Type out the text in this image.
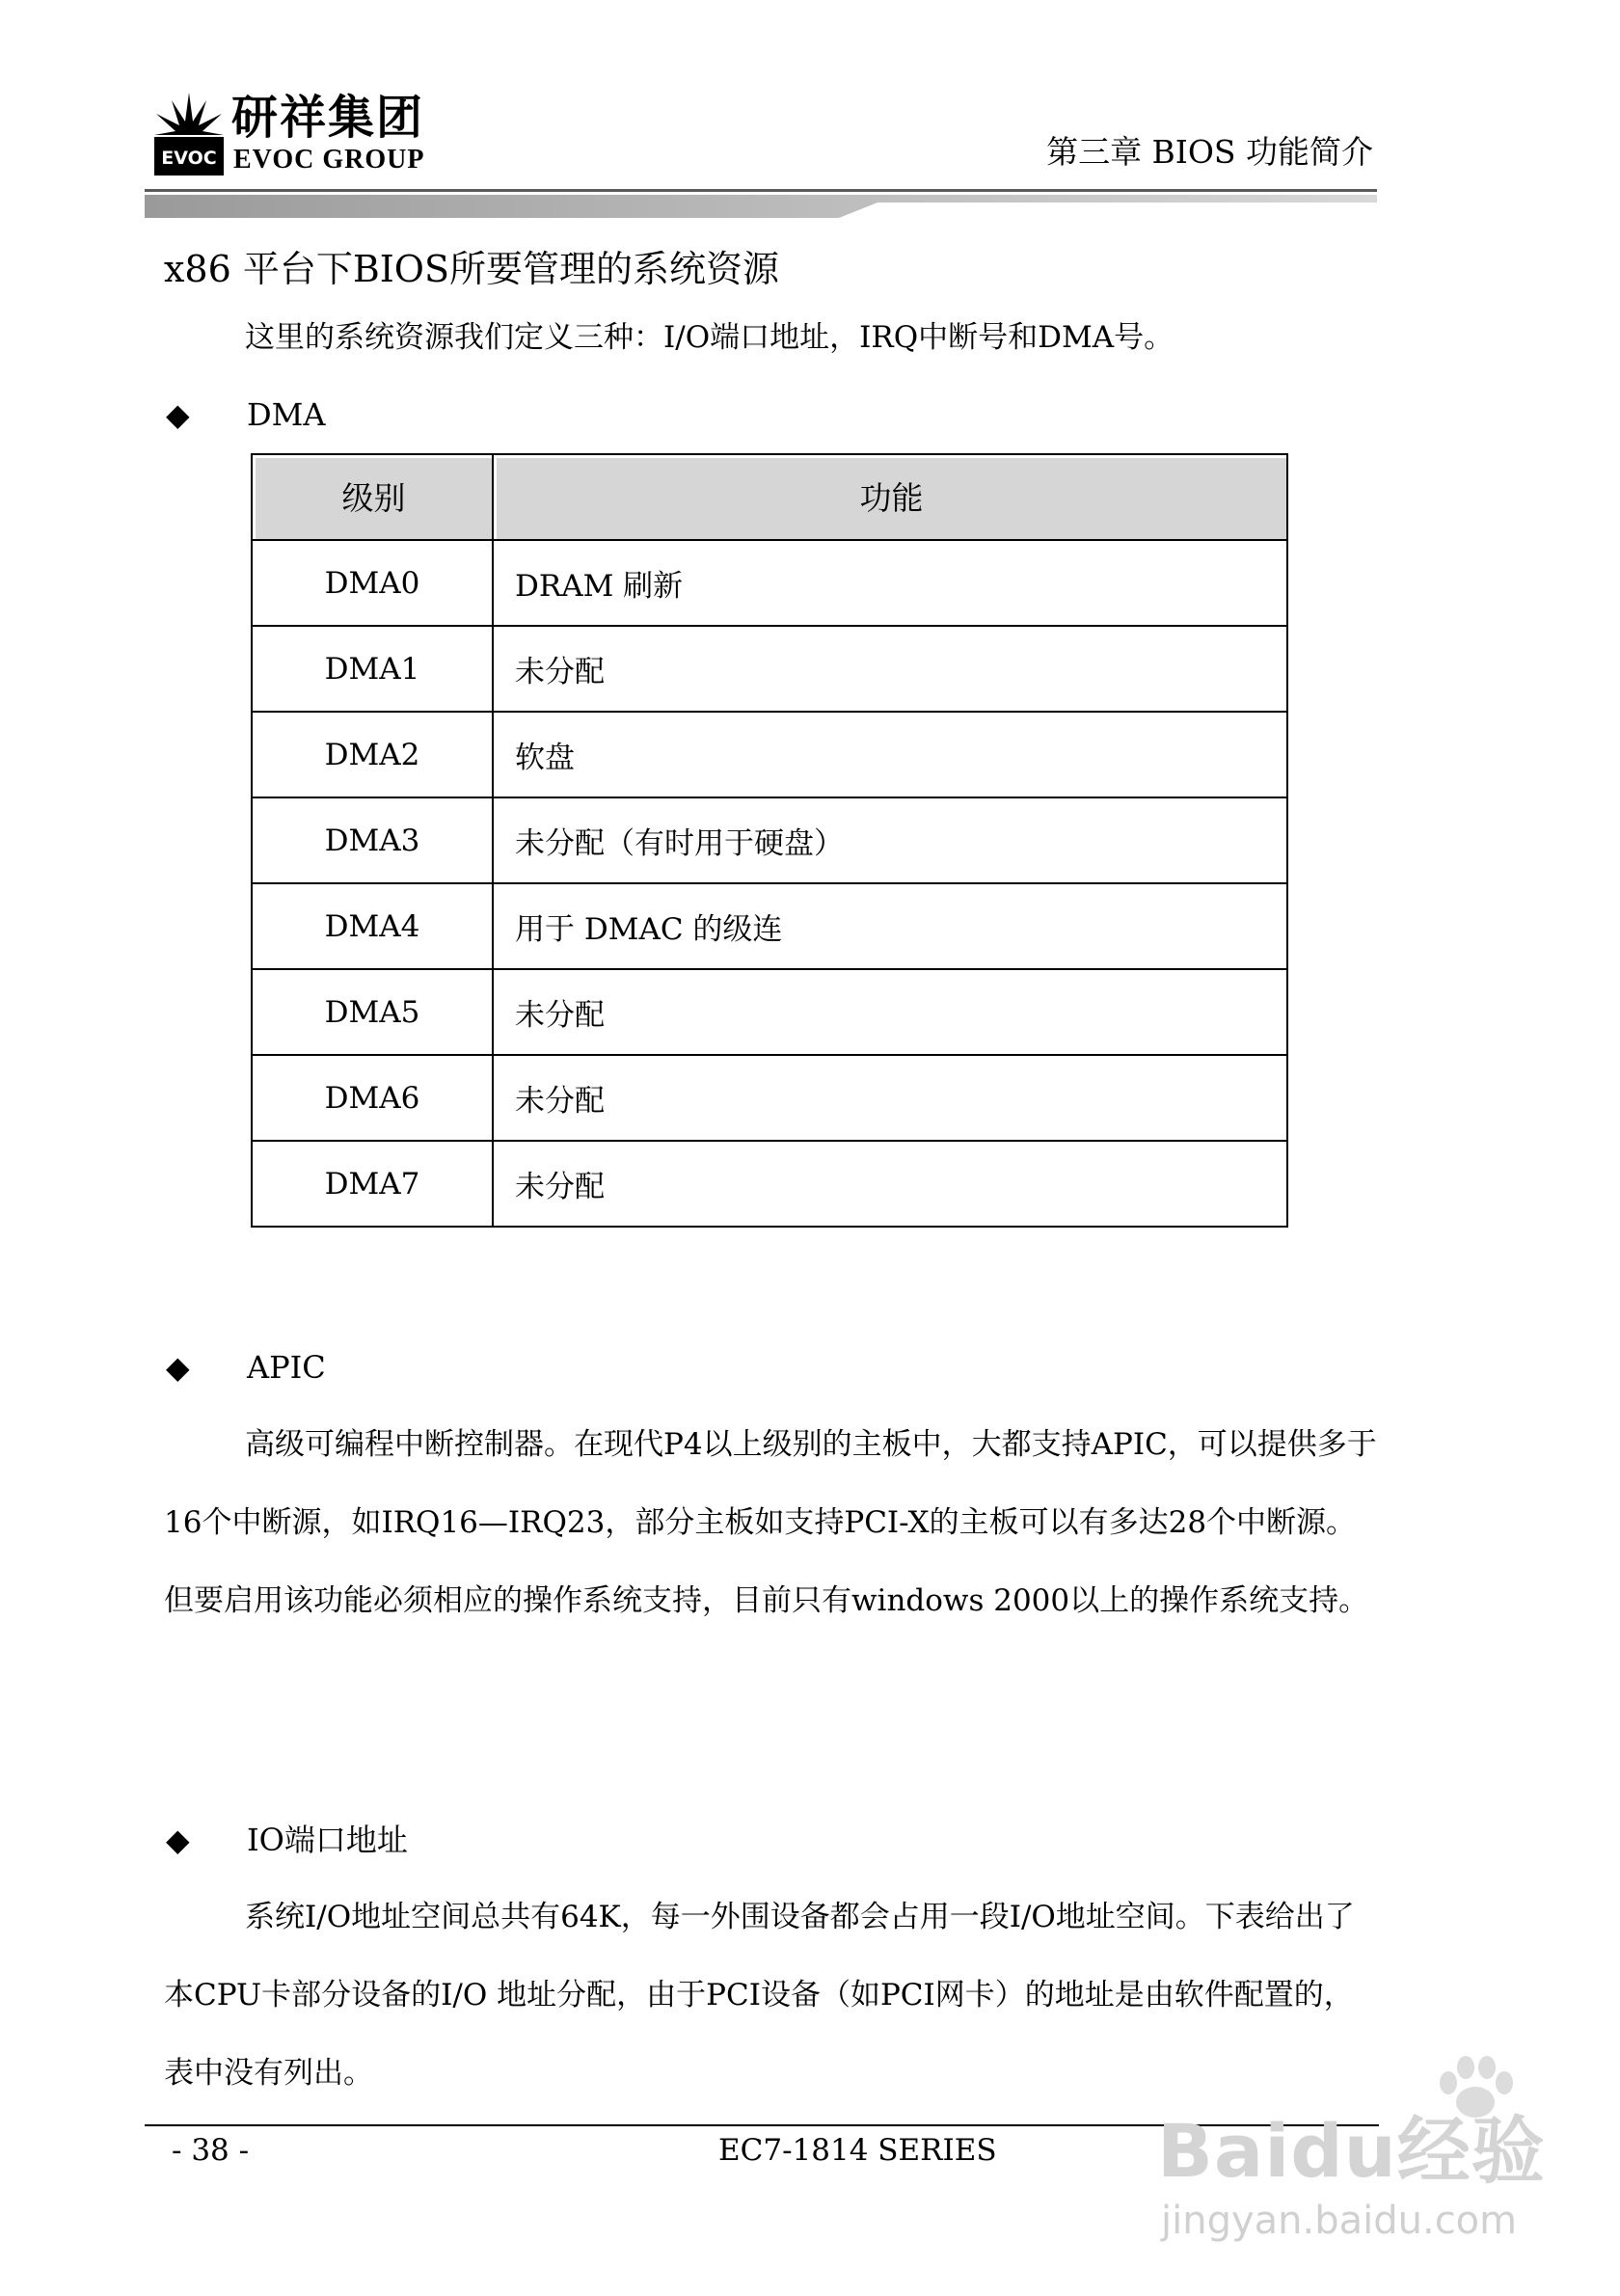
EVOC
研祥集团
EVOC GROUP	第三章 BIOS 功能简介
x86 平台下BIOS所要管理的系统资源

这里的系统资源我们定义三种：I/O端口地址，IRQ中断号和DMA号。

◆ DMA
级别	功能

DMA0	DRAM 刷新
DMA1	未分配
DMA2	软盘
DMA3	未分配（有时用于硬盘）
DMA4	用于 DMAC 的级连
DMA5	未分配
DMA6	未分配
DMA7	未分配
◆ APIC

高级可编程中断控制器。在现代P4以上级别的主板中，大都支持APIC，可以提供多于16个中断源，如IRQ16—IRQ23，部分主板如支持PCI-X的主板可以有多达28个中断源。但要启用该功能必须相应的操作系统支持，目前只有windows 2000以上的操作系统支持。

◆ IO端口地址

系统I/O地址空间总共有64K，每一外围设备都会占用一段I/O地址空间。下表给出了本CPU卡部分设备的I/O 地址分配，由于PCI设备（如PCI网卡）的地址是由软件配置的，表中没有列出。

- 38 -	EC7-1814 SERIES Baidu经验
jingyan.baidu.com
